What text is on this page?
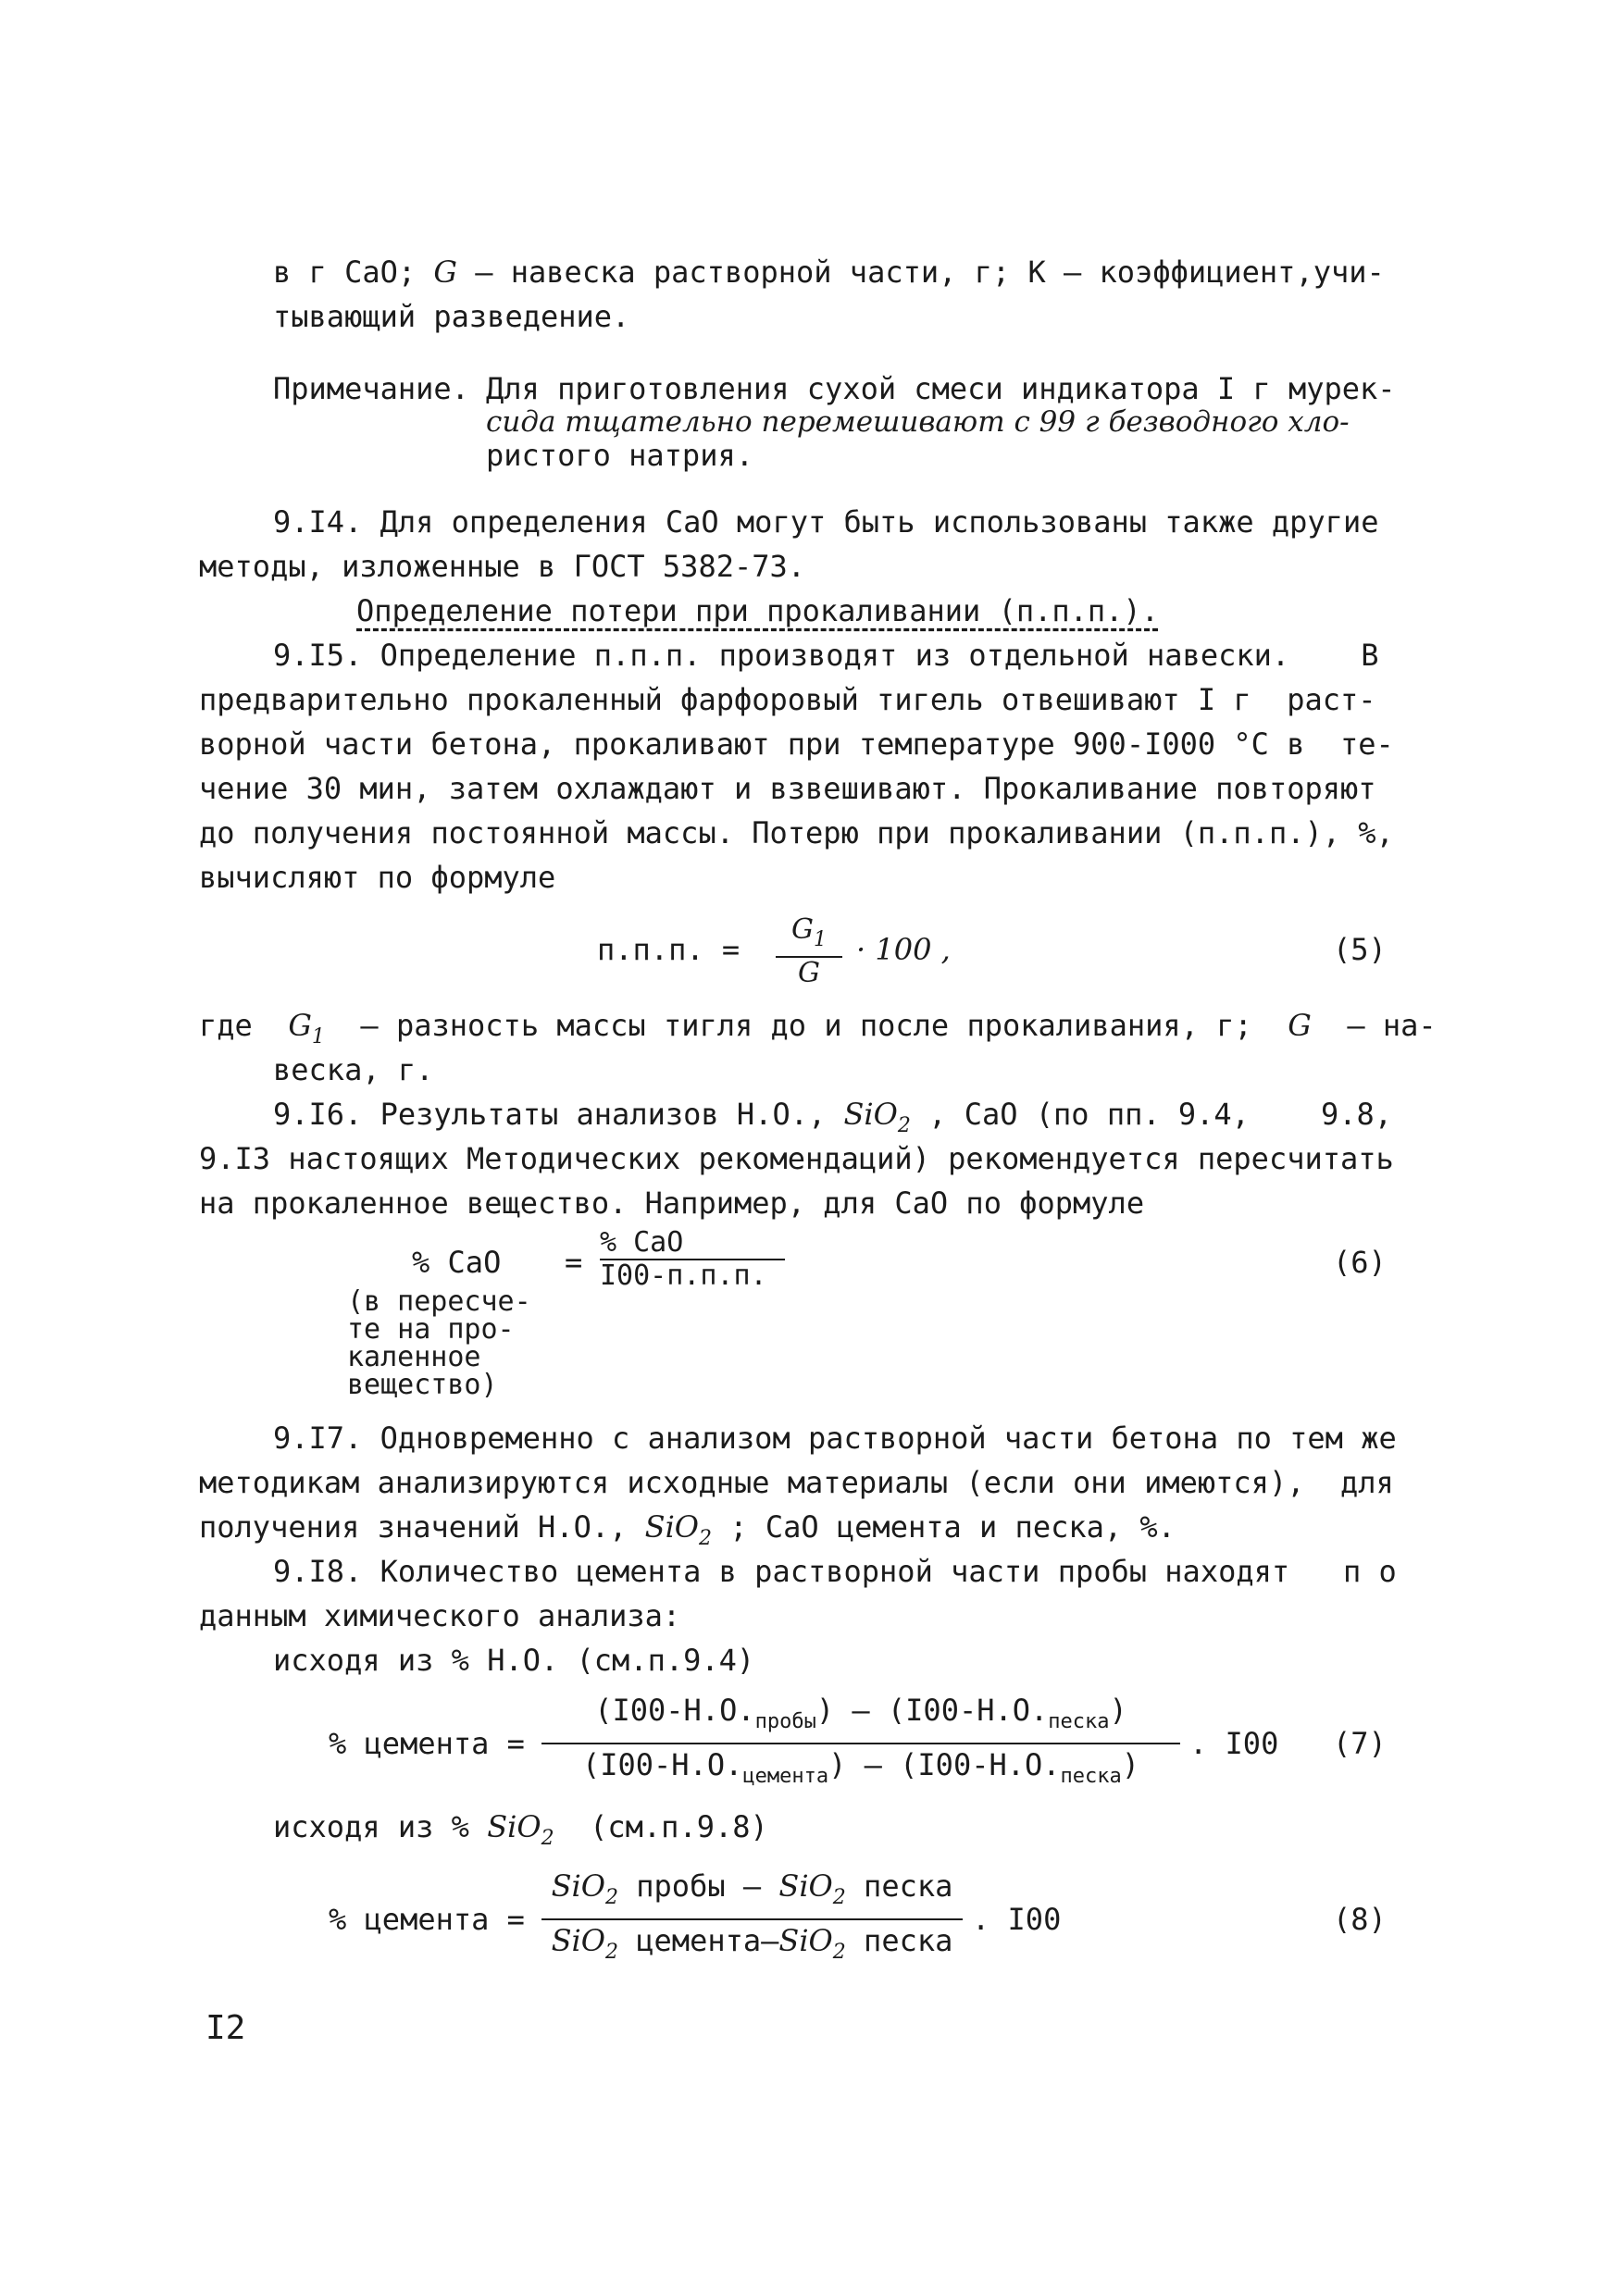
в г CaO; G – навеска растворной части, г; К – коэффициент,учи-
тывающий разведение.
Примечание. Для приготовления сухой смеси индикатора I г мурек-
сида тщательно перемешивают с 99 г безводного хло-
ристого натрия.
9.I4. Для определения CaO могут быть использованы также другие
методы, изложенные в ГОСТ 5382-73.
Определение потери при прокаливании (п.п.п.).
9.I5. Определение п.п.п. производят из отдельной навески.    В
предварительно прокаленный фарфоровый тигель отвешивают I г  раст-
ворной части бетона, прокаливают при температуре 900-I000 °С в  те-
чение 30 мин, затем охлаждают и взвешивают. Прокаливание повторяют
до получения постоянной массы. Потерю при прокаливании (п.п.п.), %,
вычисляют по формуле
п.п.п. =
$G_1$
G
· 100 ,	(5)
где $G_1$ – разность массы тигля до и после прокаливания, г; G – на-
веска, г.
9.I6. Результаты анализов Н.О., SiO$_2$ , CaO (по пп. 9.4,    9.8,
9.I3 настоящих Методических рекомендаций) рекомендуется пересчитать
на прокаленное вещество. Например, для CaO по формуле
% CaO =
% CaO
I00-п.п.п.
(в пересче-
те на про-
каленное
вещество)
(6)
9.I7. Одновременно с анализом растворной части бетона по тем же
методикам анализируются исходные материалы (если они имеются),  для
получения значений Н.О., SiO$_2$ ; CaO цемента и песка, %.
9.I8. Количество цемента в растворной части пробы находят   п о
данным химического анализа:
исходя из % Н.О. (см.п.9.4)
% цемента =
$(I00-Н.О._{пробы}) - (I00-Н.О._{песка})$
$(I00-Н.О._{цемента}) - (I00-Н.О._{песка})$
. I00 (7)
исходя из % SiO$_2$ (см.п.9.8)
% цемента =
SiO$_2$ пробы – SiO$_2$ песка
SiO$_2$ цемента–SiO$_2$ песка
. I00	(8)
I2
